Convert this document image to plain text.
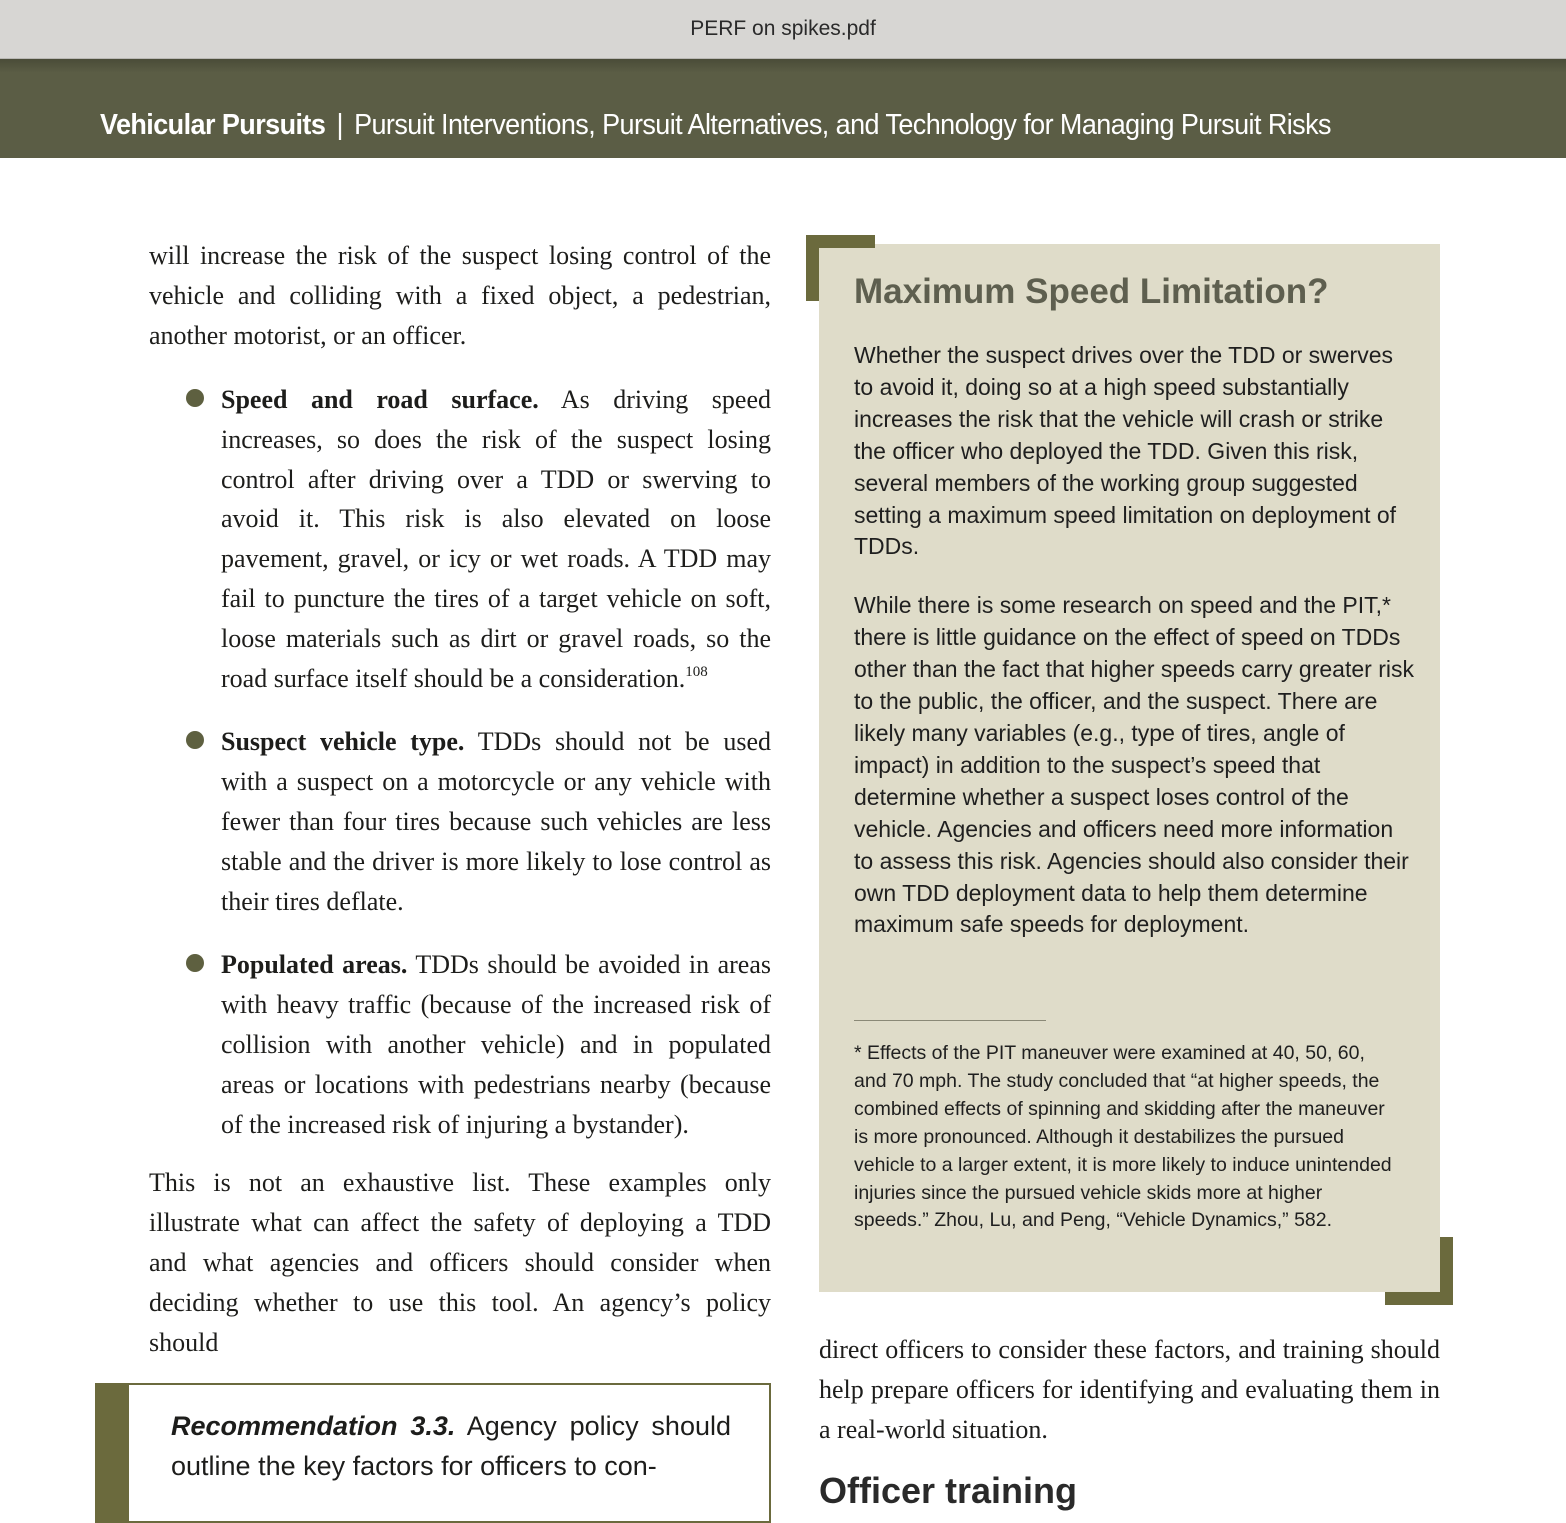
PERF on spikes.pdf
Vehicular Pursuits | Pursuit Interventions, Pursuit Alternatives, and Technology for Managing Pursuit Risks

will increase the risk of the suspect losing control of the vehicle and colliding with a fixed object, a pedestrian, another motorist, or an officer.

Speed and road surface. As driving speed increases, so does the risk of the suspect losing control after driving over a TDD or swerving to avoid it. This risk is also elevated on loose pavement, gravel, or icy or wet roads. A TDD may fail to puncture the tires of a target vehicle on soft, loose materials such as dirt or gravel roads, so the road surface itself should be a consideration.$^{108}$
Suspect vehicle type. TDDs should not be used with a suspect on a motorcycle or any vehicle with fewer than four tires because such vehicles are less stable and the driver is more likely to lose control as their tires deflate.
Populated areas. TDDs should be avoided in areas with heavy traffic (because of the increased risk of collision with another vehicle) and in populated areas or locations with pedestrians nearby (because of the increased risk of injuring a bystander).

This is not an exhaustive list. These examples only illustrate what can affect the safety of deploying a TDD and what agencies and officers should consider when deciding whether to use this tool. An agency’s policy should

Recommendation 3.3. Agency policy should outline the key factors for officers to con-
Maximum Speed Limitation?

Whether the suspect drives over the TDD or swerves to avoid it, doing so at a high speed substantially increases the risk that the vehicle will crash or strike the officer who deployed the TDD. Given this risk, several members of the working group suggested setting a maximum speed limitation on deployment of TDDs.

While there is some research on speed and the PIT,* there is little guidance on the effect of speed on TDDs other than the fact that higher speeds carry greater risk to the public, the officer, and the suspect. There are likely many variables (e.g., type of tires, angle of impact) in addition to the suspect’s speed that determine whether a suspect loses control of the vehicle. Agencies and officers need more information to assess this risk. Agencies should also consider their own TDD deployment data to help them determine maximum safe speeds for deployment.

* Effects of the PIT maneuver were examined at 40, 50, 60, and 70 mph. The study concluded that “at higher speeds, the combined effects of spinning and skidding after the maneuver is more pronounced. Although it destabilizes the pursued vehicle to a larger extent, it is more likely to induce unintended injuries since the pursued vehicle skids more at higher speeds.” Zhou, Lu, and Peng, “Vehicle Dynamics,” 582.

direct officers to consider these factors, and training should help prepare officers for identifying and evaluating them in a real-world situation.

Officer training
